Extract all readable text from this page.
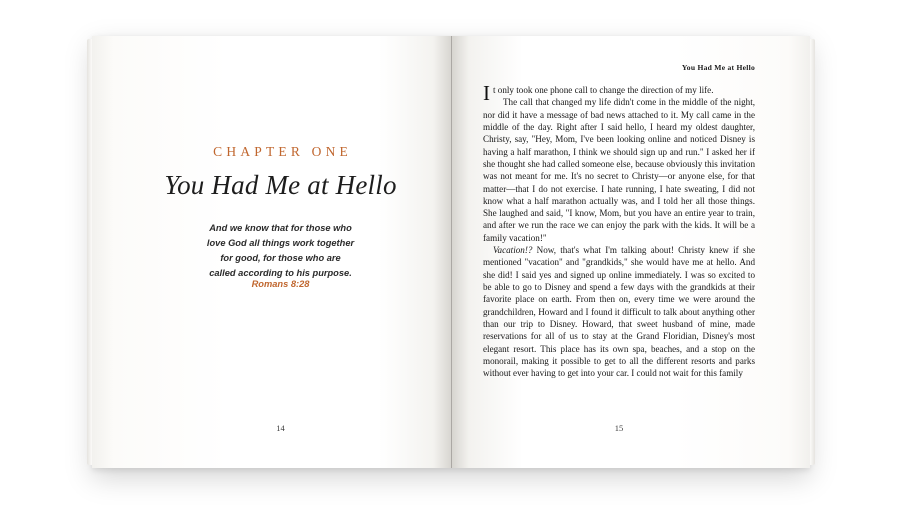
CHAPTER ONE
You Had Me at Hello
And we know that for those who love God all things work together for good, for those who are called according to his purpose.
Romans 8:28
14
You Had Me at Hello

It only took one phone call to change the direction of my life.

The call that changed my life didn't come in the middle of the night, nor did it have a message of bad news attached to it. My call came in the middle of the day. Right after I said hello, I heard my oldest daughter, Christy, say, "Hey, Mom, I've been looking online and noticed Disney is having a half marathon, I think we should sign up and run." I asked her if she thought she had called someone else, because obviously this invitation was not meant for me. It's no secret to Christy—or anyone else, for that matter—that I do not exercise. I hate running, I hate sweating, I did not know what a half marathon actually was, and I told her all those things. She laughed and said, "I know, Mom, but you have an entire year to train, and after we run the race we can enjoy the park with the kids. It will be a family vacation!"

Vacation!? Now, that's what I'm talking about! Christy knew if she mentioned "vacation" and "grandkids," she would have me at hello. And she did! I said yes and signed up online immediately. I was so excited to be able to go to Disney and spend a few days with the grandkids at their favorite place on earth. From then on, every time we were around the grandchildren, Howard and I found it difficult to talk about anything other than our trip to Disney. Howard, that sweet husband of mine, made reservations for all of us to stay at the Grand Floridian, Disney's most elegant resort. This place has its own spa, beaches, and a stop on the monorail, making it possible to get to all the different resorts and parks without ever having to get into your car. I could not wait for this family

15
